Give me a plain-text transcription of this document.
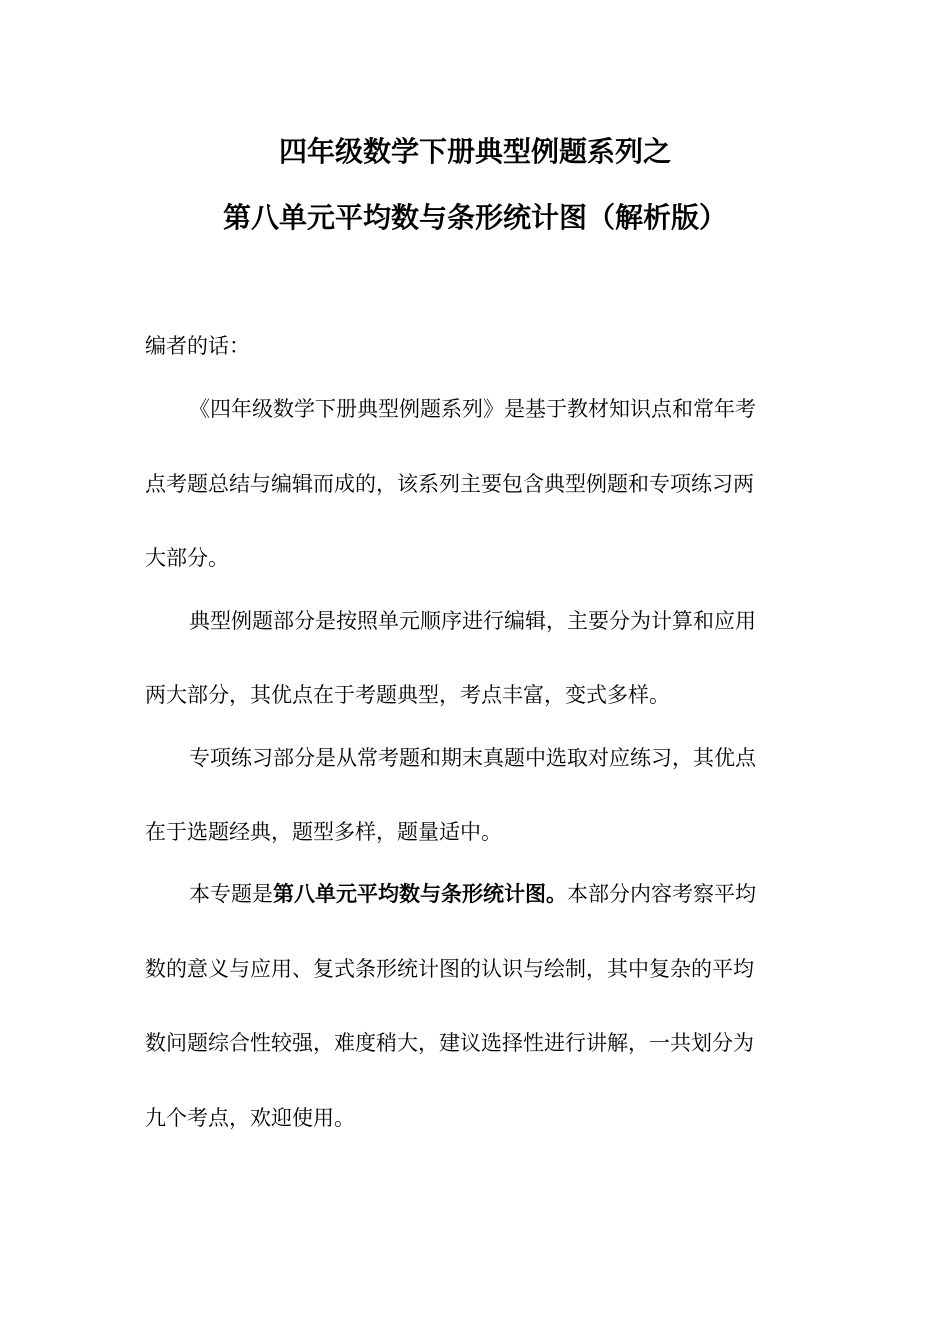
四年级数学下册典型例题系列之
第八单元平均数与条形统计图（解析版）
编者的话：
《四年级数学下册典型例题系列》是基于教材知识点和常年考
点考题总结与编辑而成的，该系列主要包含典型例题和专项练习两
大部分。
典型例题部分是按照单元顺序进行编辑，主要分为计算和应用
两大部分，其优点在于考题典型，考点丰富，变式多样。
专项练习部分是从常考题和期末真题中选取对应练习，其优点
在于选题经典，题型多样，题量适中。
本专题是第八单元平均数与条形统计图。本部分内容考察平均
数的意义与应用、复式条形统计图的认识与绘制，其中复杂的平均
数问题综合性较强，难度稍大，建议选择性进行讲解，一共划分为
九个考点，欢迎使用。
